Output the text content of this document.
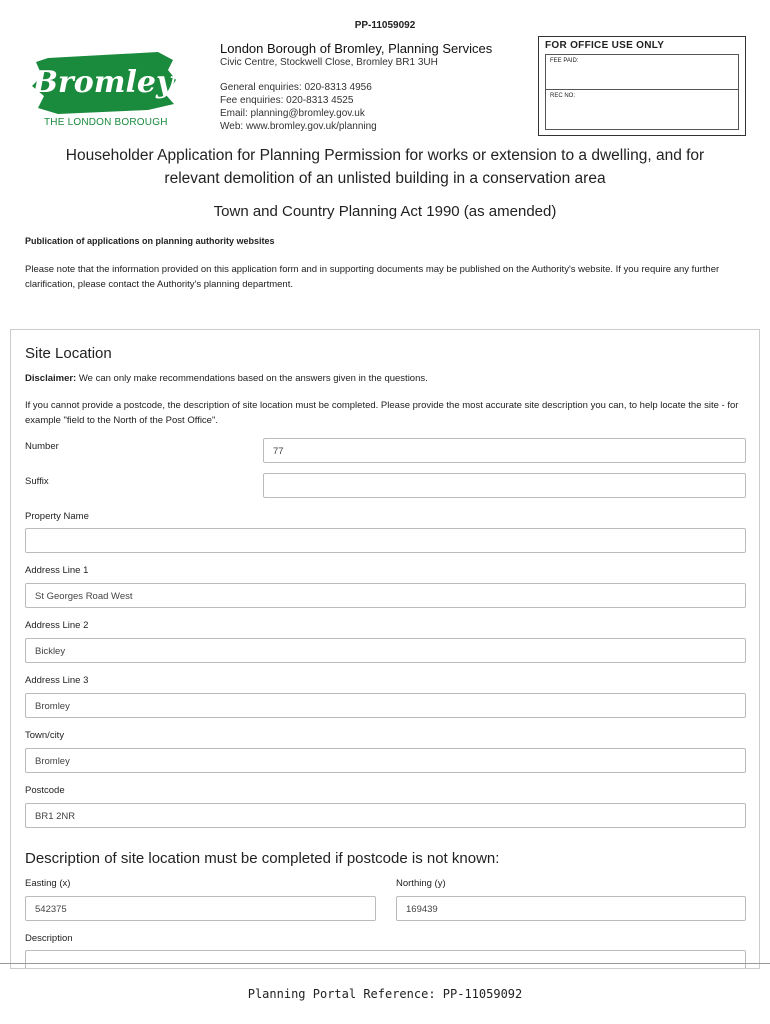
PP-11059092
Bromley
THE LONDON BOROUGH
London Borough of Bromley, Planning Services
Civic Centre, Stockwell Close, Bromley BR1 3UH
General enquiries: 020-8313 4956
Fee enquiries: 020-8313 4525
Email: planning@bromley.gov.uk
Web: www.bromley.gov.uk/planning
FOR OFFICE USE ONLY
FEE PAID:
REC NO:
Householder Application for Planning Permission for works or extension to a dwelling, and for
relevant demolition of an unlisted building in a conservation area
Town and Country Planning Act 1990 (as amended)
Publication of applications on planning authority websites
Please note that the information provided on this application form and in supporting documents may be published on the Authority's website. If you require any further clarification, please contact the Authority's planning department.
Site Location
Disclaimer: We can only make recommendations based on the answers given in the questions.
If you cannot provide a postcode, the description of site location must be completed. Please provide the most accurate site description you can, to help locate the site - for example "field to the North of the Post Office".
Number	77
Suffix
Property Name
Address Line 1
St Georges Road West
Address Line 2
Bickley
Address Line 3
Bromley
Town/city
Bromley
Postcode
BR1 2NR
Description of site location must be completed if postcode is not known:
Easting (x)
542375
Northing (y)
169439
Description
Planning Portal Reference: PP-11059092
